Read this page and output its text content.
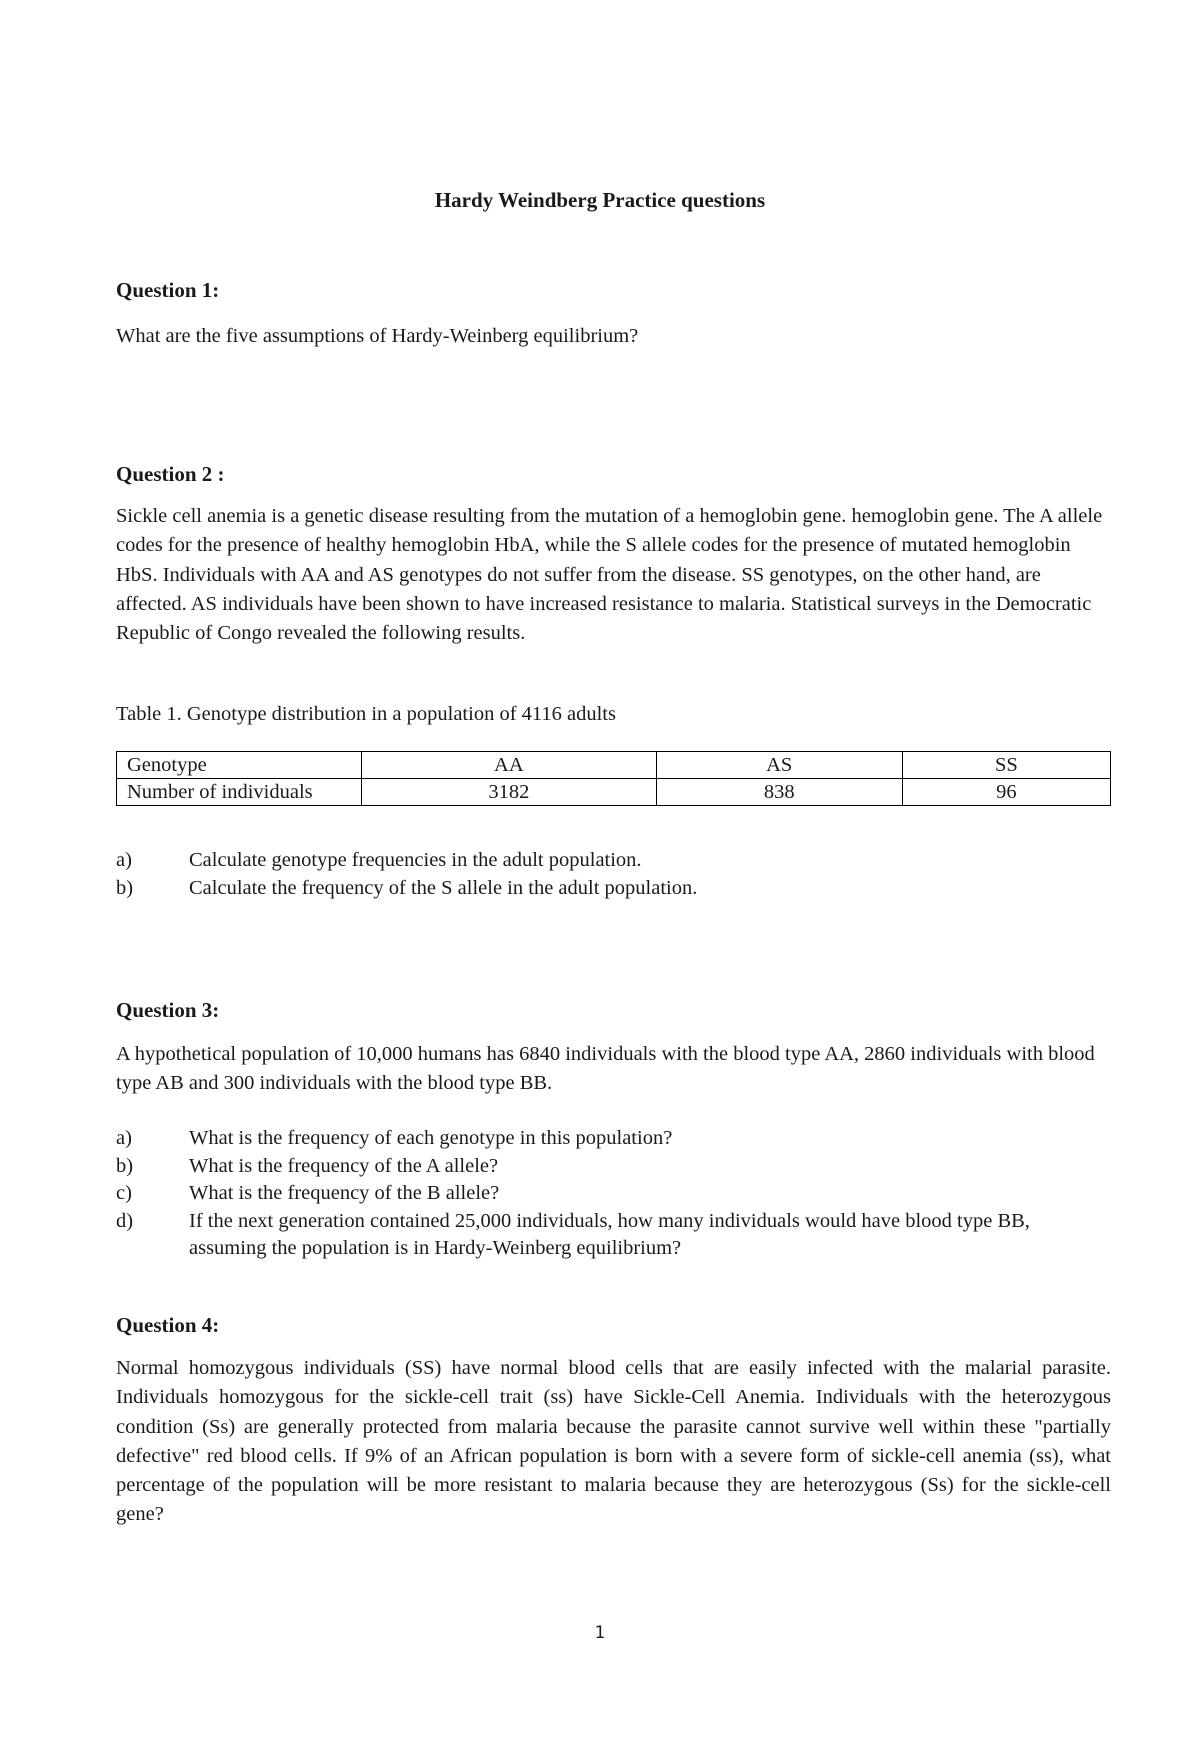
Hardy Weindberg Practice questions

Question 1:

What are the five assumptions of Hardy-Weinberg equilibrium?

Question 2 :

Sickle cell anemia is a genetic disease resulting from the mutation of a hemoglobin gene. hemoglobin gene. The A allele codes for the presence of healthy hemoglobin HbA, while the S allele codes for the presence of mutated hemoglobin HbS. Individuals with AA and AS genotypes do not suffer from the disease. SS genotypes, on the other hand, are affected. AS individuals have been shown to have increased resistance to malaria. Statistical surveys in the Democratic Republic of Congo revealed the following results.

Table 1. Genotype distribution in a population of 4116 adults

Genotype	AA	AS	SS
Number of individuals	3182	838	96
a)	Calculate genotype frequencies in the adult population.
b)	Calculate the frequency of the S allele in the adult population.

Question 3:

A hypothetical population of 10,000 humans has 6840 individuals with the blood type AA, 2860 individuals with blood type AB and 300 individuals with the blood type BB.

a)	What is the frequency of each genotype in this population?
b)	What is the frequency of the A allele?
c)	What is the frequency of the B allele?
d)	If the next generation contained 25,000 individuals, how many individuals would have blood type BB, assuming the population is in Hardy-Weinberg equilibrium?

Question 4:

Normal homozygous individuals (SS) have normal blood cells that are easily infected with the malarial parasite. Individuals homozygous for the sickle-cell trait (ss) have Sickle-Cell Anemia. Individuals with the heterozygous condition (Ss) are generally protected from malaria because the parasite cannot survive well within these "partially defective" red blood cells. If 9% of an African population is born with a severe form of sickle-cell anemia (ss), what percentage of the population will be more resistant to malaria because they are heterozygous (Ss) for the sickle-cell gene?

1
